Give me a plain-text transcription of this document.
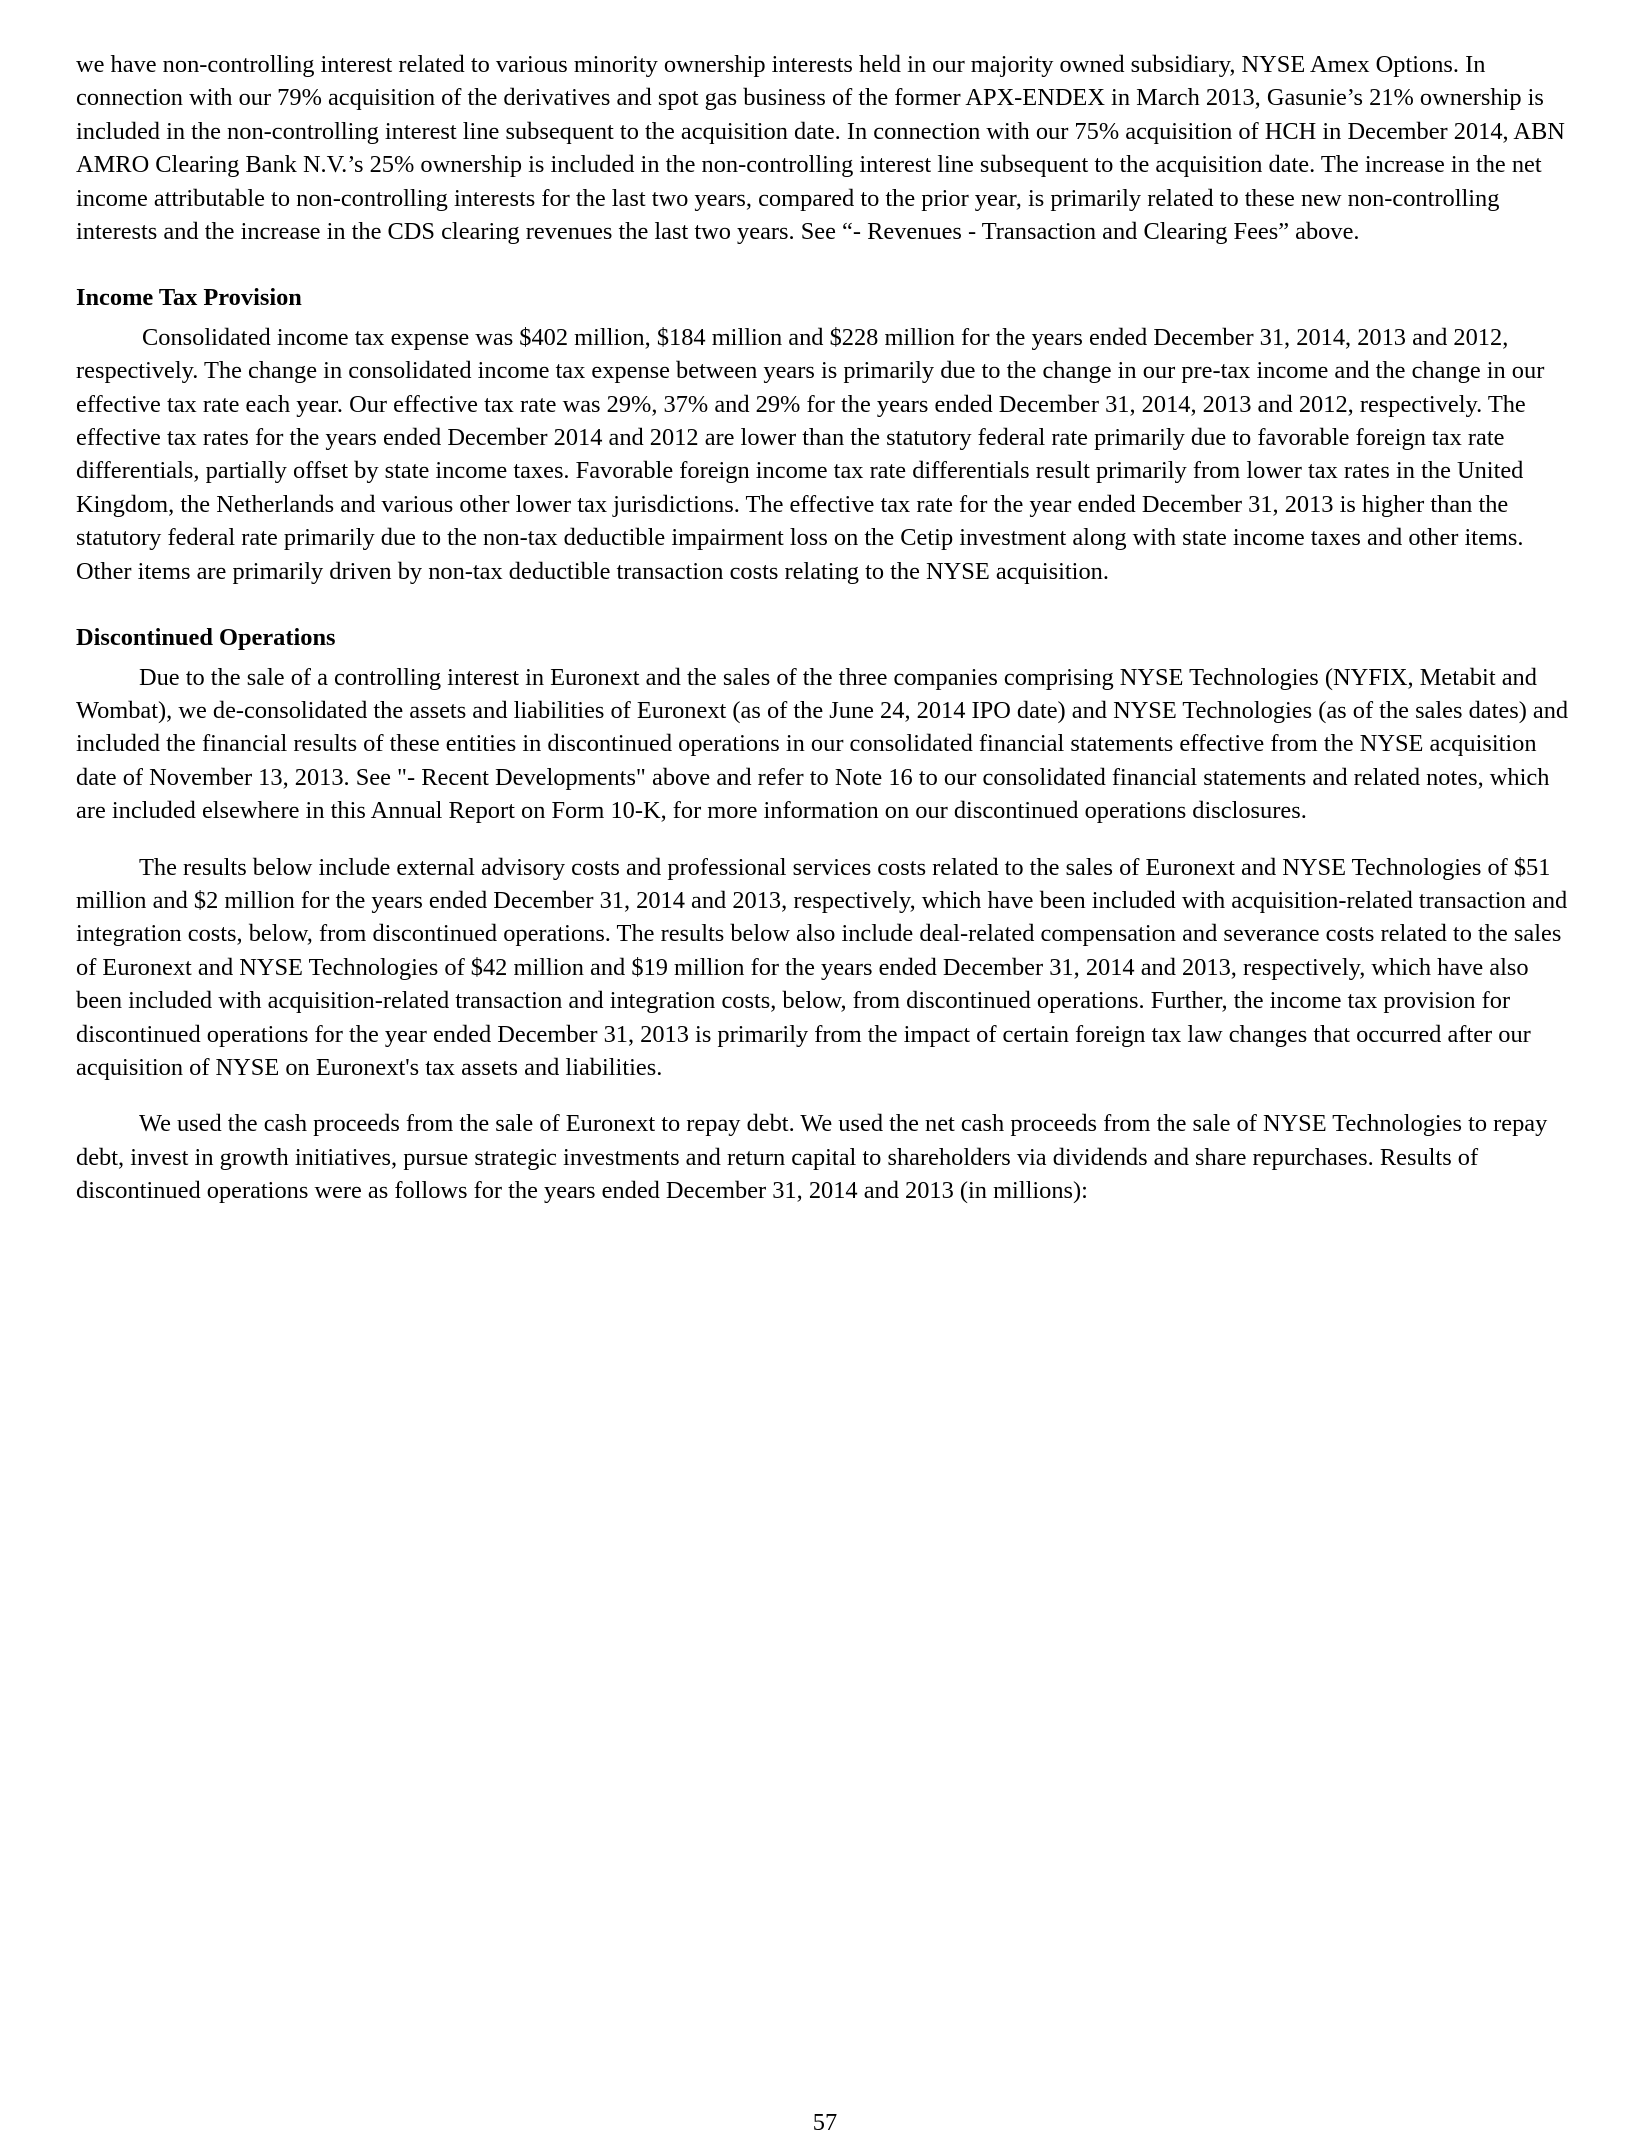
we have non-controlling interest related to various minority ownership interests held in our majority owned subsidiary, NYSE Amex Options. In connection with our 79% acquisition of the derivatives and spot gas business of the former APX-ENDEX in March 2013, Gasunie’s 21% ownership is included in the non-controlling interest line subsequent to the acquisition date. In connection with our 75% acquisition of HCH in December 2014, ABN AMRO Clearing Bank N.V.’s 25% ownership is included in the non-controlling interest line subsequent to the acquisition date. The increase in the net income attributable to non-controlling interests for the last two years, compared to the prior year, is primarily related to these new non-controlling interests and the increase in the CDS clearing revenues the last two years. See “- Revenues - Transaction and Clearing Fees” above.

Income Tax Provision

Consolidated income tax expense was $402 million, $184 million and $228 million for the years ended December 31, 2014, 2013 and 2012, respectively. The change in consolidated income tax expense between years is primarily due to the change in our pre-tax income and the change in our effective tax rate each year. Our effective tax rate was 29%, 37% and 29% for the years ended December 31, 2014, 2013 and 2012, respectively. The effective tax rates for the years ended December 2014 and 2012 are lower than the statutory federal rate primarily due to favorable foreign tax rate differentials, partially offset by state income taxes. Favorable foreign income tax rate differentials result primarily from lower tax rates in the United Kingdom, the Netherlands and various other lower tax jurisdictions. The effective tax rate for the year ended December 31, 2013 is higher than the statutory federal rate primarily due to the non-tax deductible impairment loss on the Cetip investment along with state income taxes and other items. Other items are primarily driven by non-tax deductible transaction costs relating to the NYSE acquisition.

Discontinued Operations

Due to the sale of a controlling interest in Euronext and the sales of the three companies comprising NYSE Technologies (NYFIX, Metabit and Wombat), we de-consolidated the assets and liabilities of Euronext (as of the June 24, 2014 IPO date) and NYSE Technologies (as of the sales dates) and included the financial results of these entities in discontinued operations in our consolidated financial statements effective from the NYSE acquisition date of November 13, 2013. See "- Recent Developments" above and refer to Note 16 to our consolidated financial statements and related notes, which are included elsewhere in this Annual Report on Form 10-K, for more information on our discontinued operations disclosures.

The results below include external advisory costs and professional services costs related to the sales of Euronext and NYSE Technologies of $51 million and $2 million for the years ended December 31, 2014 and 2013, respectively, which have been included with acquisition-related transaction and integration costs, below, from discontinued operations. The results below also include deal-related compensation and severance costs related to the sales of Euronext and NYSE Technologies of $42 million and $19 million for the years ended December 31, 2014 and 2013, respectively, which have also been included with acquisition-related transaction and integration costs, below, from discontinued operations. Further, the income tax provision for discontinued operations for the year ended December 31, 2013 is primarily from the impact of certain foreign tax law changes that occurred after our acquisition of NYSE on Euronext's tax assets and liabilities.

We used the cash proceeds from the sale of Euronext to repay debt. We used the net cash proceeds from the sale of NYSE Technologies to repay debt, invest in growth initiatives, pursue strategic investments and return capital to shareholders via dividends and share repurchases. Results of discontinued operations were as follows for the years ended December 31, 2014 and 2013 (in millions):

57
